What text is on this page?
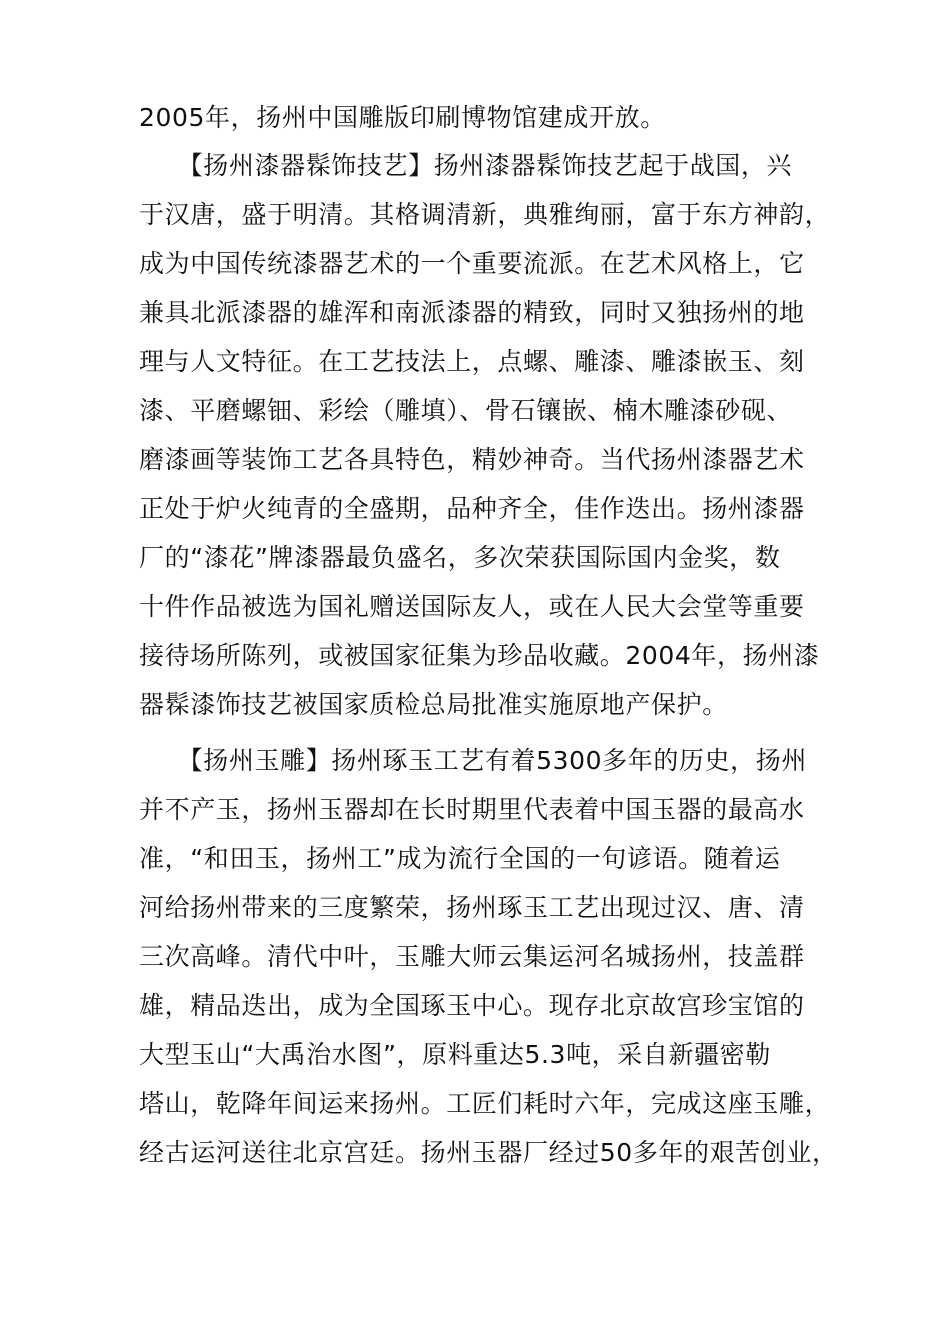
2005年，扬州中国雕版印刷博物馆建成开放。
　　【扬州漆器髹饰技艺】扬州漆器髹饰技艺起于战国，兴
于汉唐，盛于明清。其格调清新，典雅绚丽，富于东方神韵，
成为中国传统漆器艺术的一个重要流派。在艺术风格上，它
兼具北派漆器的雄浑和南派漆器的精致，同时又独扬州的地
理与人文特征。在工艺技法上，点螺、雕漆、雕漆嵌玉、刻
漆、平磨螺钿、彩绘（雕填）、骨石镶嵌、楠木雕漆砂砚、
磨漆画等装饰工艺各具特色，精妙神奇。当代扬州漆器艺术
正处于炉火纯青的全盛期，品种齐全，佳作迭出。扬州漆器
厂的“漆花”牌漆器最负盛名，多次荣获国际国内金奖，数
十件作品被选为国礼赠送国际友人，或在人民大会堂等重要
接待场所陈列，或被国家征集为珍品收藏。2004年，扬州漆
器髹漆饰技艺被国家质检总局批准实施原地产保护。
　　【扬州玉雕】扬州琢玉工艺有着5300多年的历史，扬州
并不产玉，扬州玉器却在长时期里代表着中国玉器的最高水
准，“和田玉，扬州工”成为流行全国的一句谚语。随着运
河给扬州带来的三度繁荣，扬州琢玉工艺出现过汉、唐、清
三次高峰。清代中叶，玉雕大师云集运河名城扬州，技盖群
雄，精品迭出，成为全国琢玉中心。现存北京故宫珍宝馆的
大型玉山“大禹治水图”，原料重达5.3吨，采自新疆密勒
塔山，乾降年间运来扬州。工匠们耗时六年，完成这座玉雕，
经古运河送往北京宫廷。扬州玉器厂经过50多年的艰苦创业，
